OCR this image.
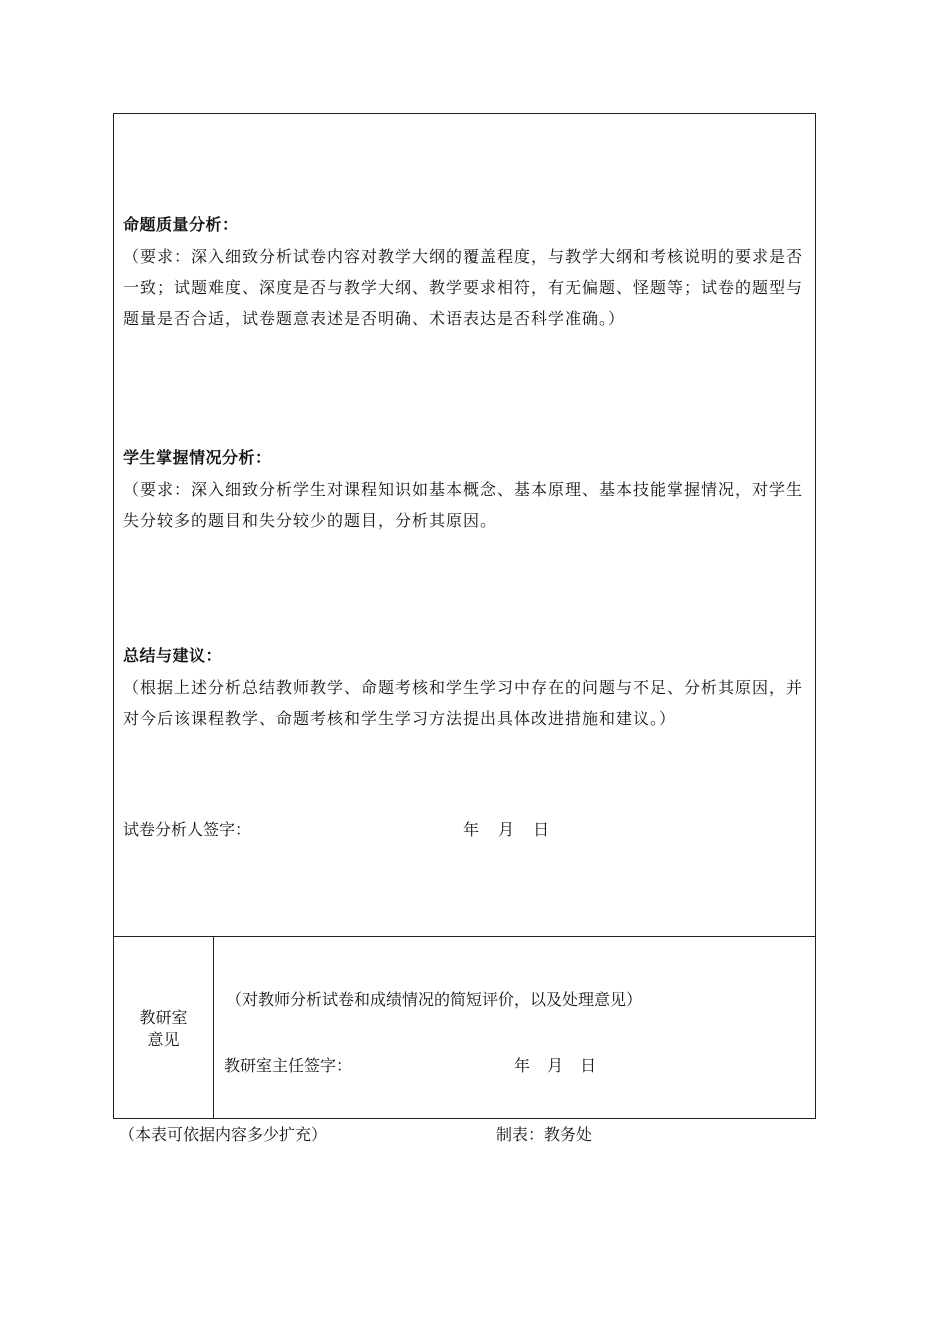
命题质量分析：
（要求：深入细致分析试卷内容对教学大纲的覆盖程度，与教学大纲和考核说明的要求是否一致；试题难度、深度是否与教学大纲、教学要求相符，有无偏题、怪题等；试卷的题型与题量是否合适，试卷题意表述是否明确、术语表达是否科学准确。）
学生掌握情况分析：
（要求：深入细致分析学生对课程知识如基本概念、基本原理、基本技能掌握情况，对学生失分较多的题目和失分较少的题目，分析其原因。
总结与建议：
（根据上述分析总结教师教学、命题考核和学生学习中存在的问题与不足、分析其原因，并对今后该课程教学、命题考核和学生学习方法提出具体改进措施和建议。）
试卷分析人签字：	年 月 日
教研室
意见
（对教师分析试卷和成绩情况的简短评价，以及处理意见）
教研室主任签字：	年 月 日
（本表可依据内容多少扩充）	制表：教务处
